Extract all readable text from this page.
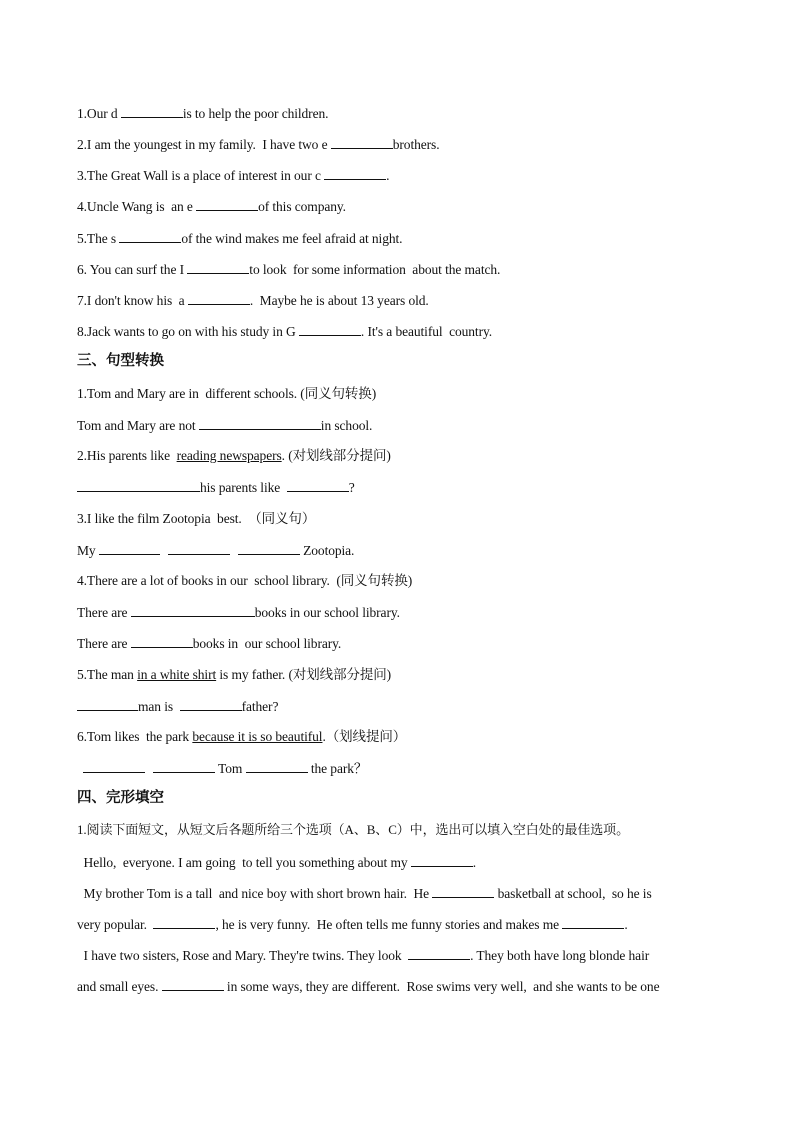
1.Our d	is to help the poor children.
2.I am the youngest in my family.  I have two e	brothers.
3.The Great Wall is a place of interest in our c	.
4.Uncle Wang is  an e	of this company.
5.The s	of the wind makes me feel afraid at night.
6. You can surf the I	to look  for some information  about the match.
7.I don't know his  a	.  Maybe he is about 13 years old.
8.Jack wants to go on with his study in G	. It's a beautiful  country.
三、句型转换
1.Tom and Mary are in  different schools. (同义句转换)
Tom and Mary are not	in school.
2.His parents like  reading newspapers. (对划线部分提问)
his parents like	?
3.I like the film Zootopia  best.  （同义句）
My	Zootopia.
4.There are a lot of books in our  school library.  (同义句转换)
There are	books in our school library.
There are	books in  our school library.
5.The man in a white shirt is my father. (对划线部分提问)
man is	father?
6.Tom likes  the park because it is so beautiful.（划线提问）
Tom	the park？
四、完形填空
1.阅读下面短文，从短文后各题所给三个选项（A、B、C）中，选出可以填入空白处的最佳选项。
Hello,  everyone. I am going  to tell you something about my	.
My brother Tom is a tall  and nice boy with short brown hair.  He	basketball at school,  so he is
very popular.	, he is very funny.  He often tells me funny stories and makes me	.
I have two sisters, Rose and Mary. They're twins. They look	. They both have long blonde hair
and small eyes.	in some ways, they are different.  Rose swims very well,  and she wants to be one
